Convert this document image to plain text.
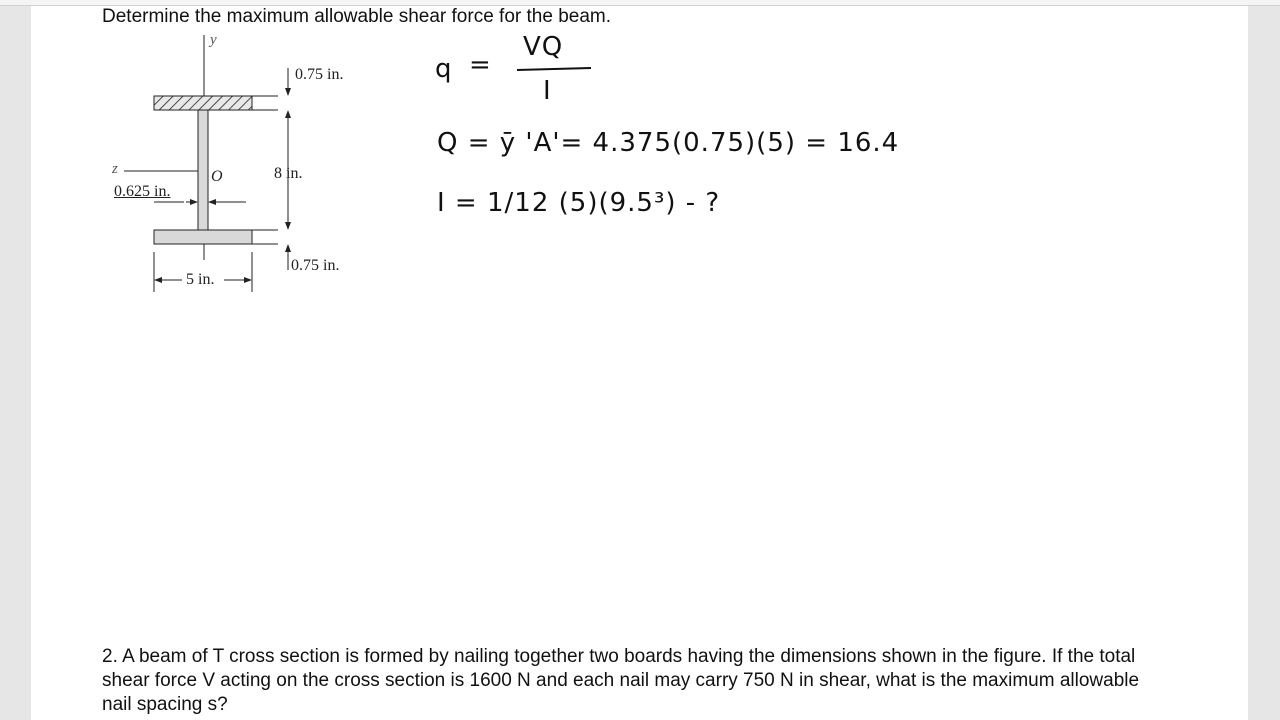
Determine the maximum allowable shear force for the beam.

y
z	O
0.75 in.
8 in.
0.625 in.
0.75 in.
5 in.
q =
VQ
I
Q = ȳ 'A'= 4.375(0.75)(5) = 16.4
I = 1/12 (5)(9.5³) - ?

2. A beam of T cross section is formed by nailing together two boards having the dimensions shown in the figure. If the total shear force V acting on the cross section is 1600 N and each nail may carry 750 N in shear, what is the maximum allowable nail spacing s?
